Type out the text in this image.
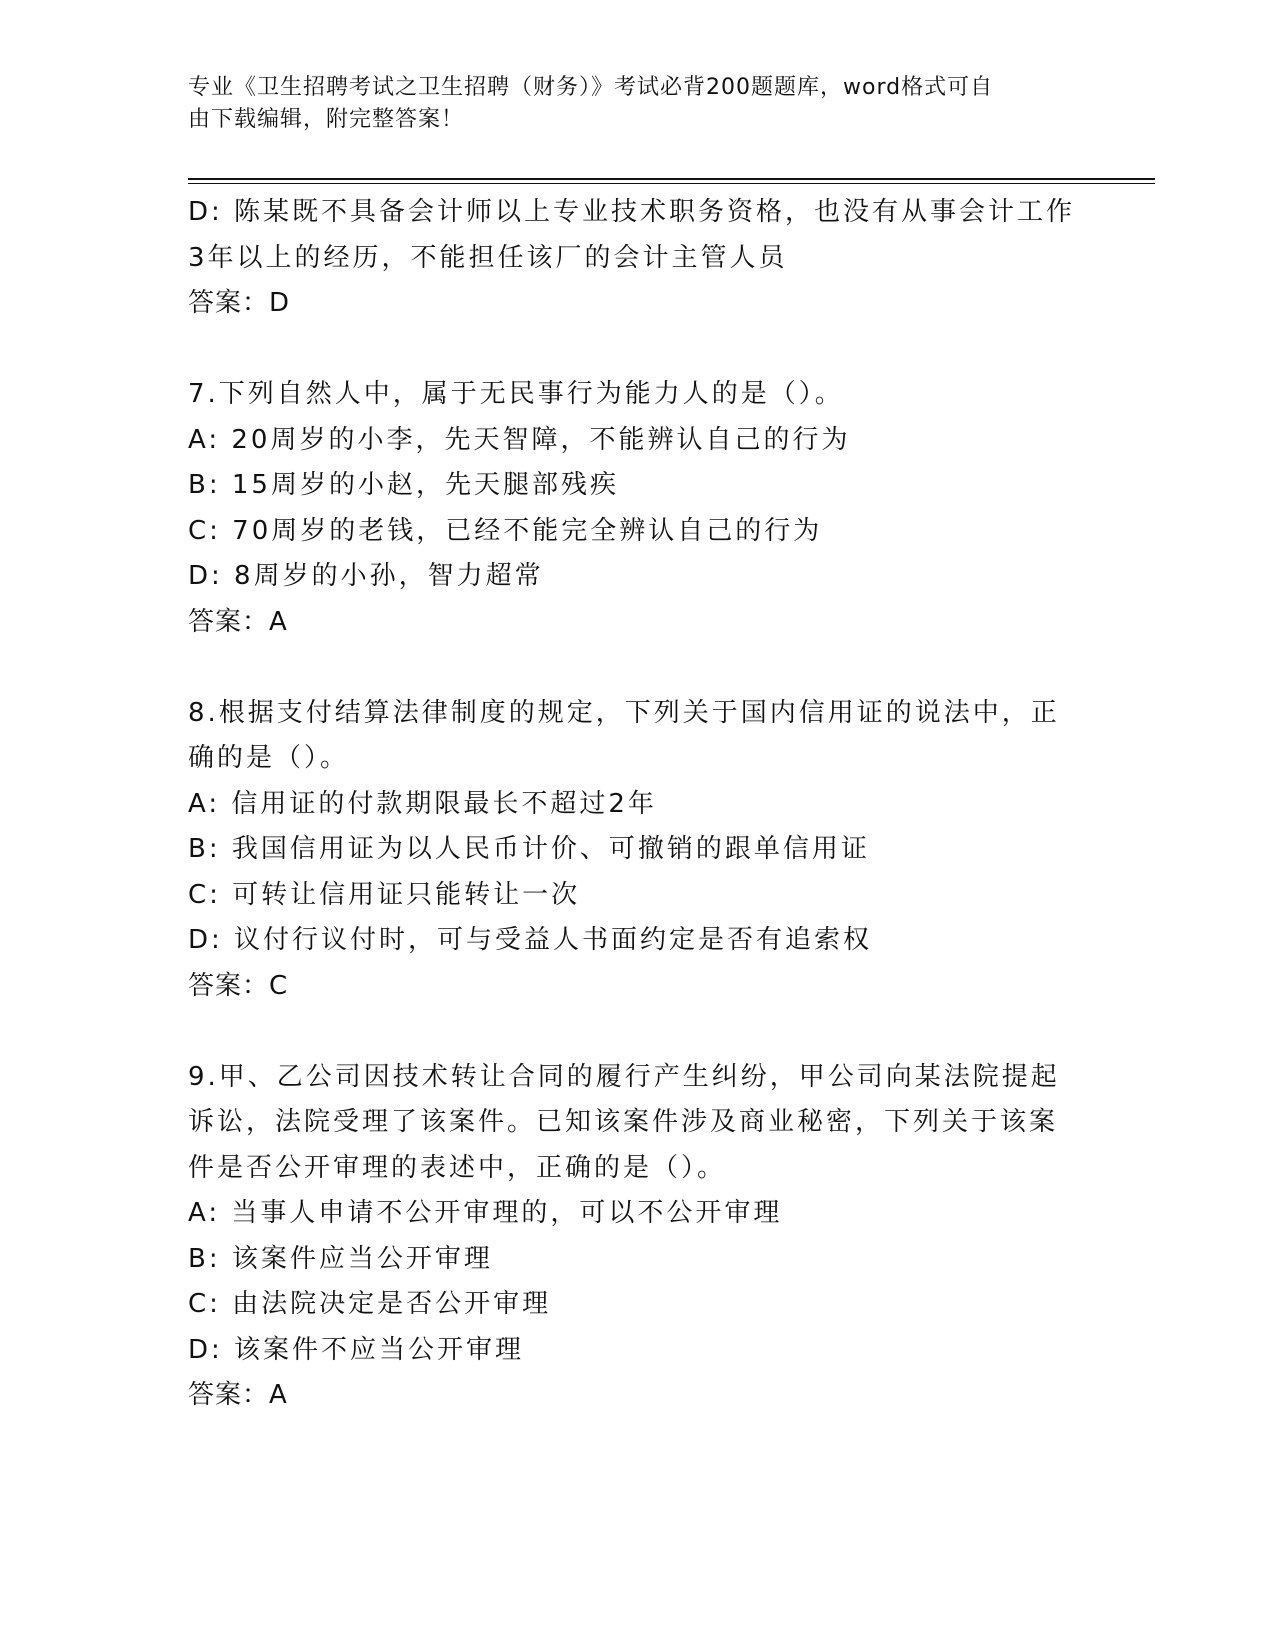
专业《卫生招聘考试之卫生招聘（财务）》考试必背200题题库，word格式可自
由下载编辑，附完整答案！
D: 陈某既不具备会计师以上专业技术职务资格，也没有从事会计工作
3年以上的经历，不能担任该厂的会计主管人员
答案：D
7.下列自然人中，属于无民事行为能力人的是（）。
A: 20周岁的小李，先天智障，不能辨认自己的行为
B: 15周岁的小赵，先天腿部残疾
C: 70周岁的老钱，已经不能完全辨认自己的行为
D: 8周岁的小孙，智力超常
答案：A
8.根据支付结算法律制度的规定，下列关于国内信用证的说法中，正
确的是（）。
A: 信用证的付款期限最长不超过2年
B: 我国信用证为以人民币计价、可撤销的跟单信用证
C: 可转让信用证只能转让一次
D: 议付行议付时，可与受益人书面约定是否有追索权
答案：C
9.甲、乙公司因技术转让合同的履行产生纠纷，甲公司向某法院提起
诉讼，法院受理了该案件。已知该案件涉及商业秘密，下列关于该案
件是否公开审理的表述中，正确的是（）。
A: 当事人申请不公开审理的，可以不公开审理
B: 该案件应当公开审理
C: 由法院决定是否公开审理
D: 该案件不应当公开审理
答案：A
